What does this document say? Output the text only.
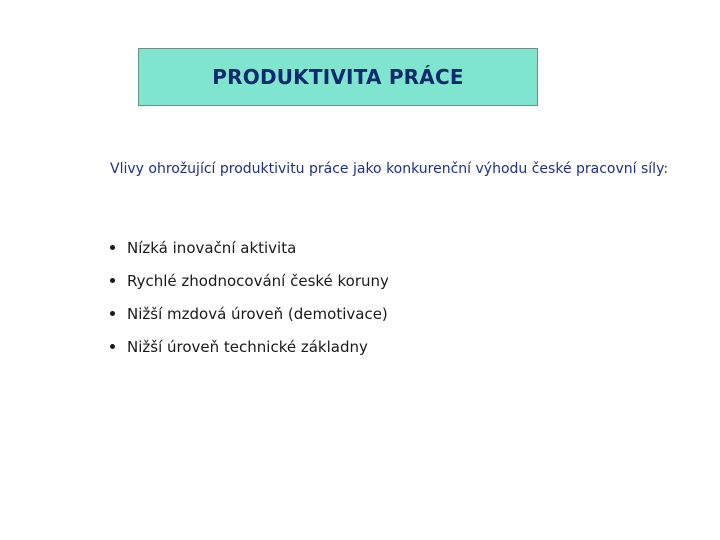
PRODUKTIVITA PRÁCE
Vlivy ohrožující produktivitu práce jako konkurenční výhodu české pracovní síly:
Nízká inovační aktivita
Rychlé zhodnocování české koruny
Nižší mzdová úroveň (demotivace)
Nižší úroveň technické základny
